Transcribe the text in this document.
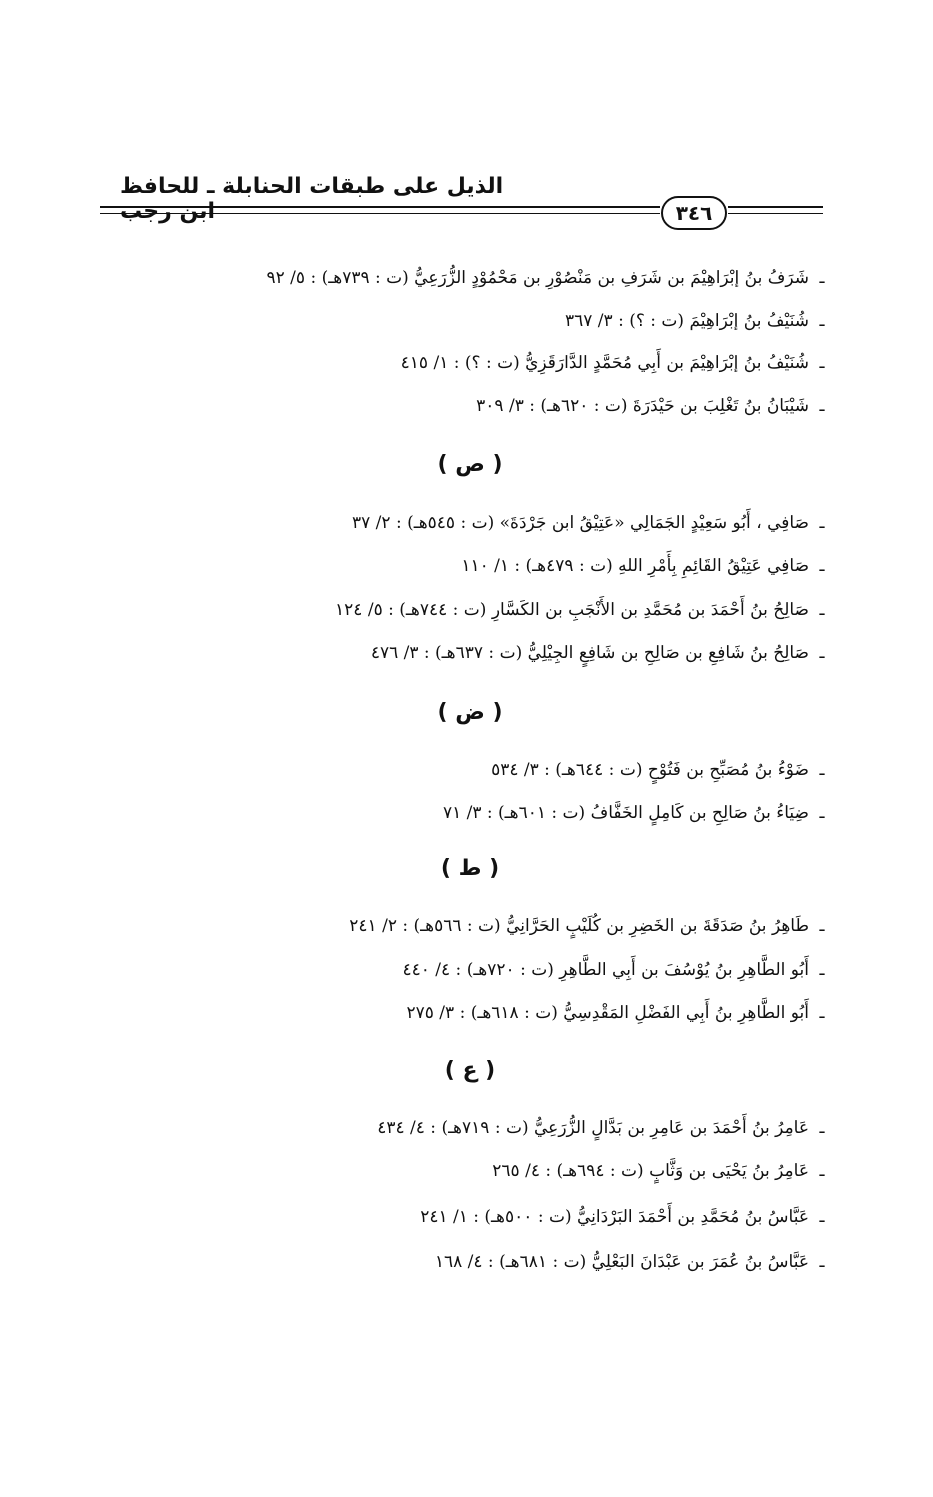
الذيل على طبقات الحنابلة ـ للحافظ ابن رجب	٣٤٦
ـشَرَفُ بنُ إبْرَاهِيْمَ بن شَرَفِ بن مَنْصُوْرِ بن مَحْمُوْدٍ الزُّرَعِيُّ (ت : ٧٣٩هـ) : ٥/ ٩٢
ـشُنَيْفُ بنُ إبْرَاهِيْمَ (ت : ؟) : ٣/ ٣٦٧
ـشُنَيْفُ بنُ إبْرَاهِيْمَ بن أَبِي مُحَمَّدٍ الدَّارَقَزِيُّ (ت : ؟) : ١/ ٤١٥
ـشَيْبَانُ بنُ تَغْلِبَ بن حَيْدَرَةَ (ت : ٦٢٠هـ) : ٣/ ٣٠٩
( ص )
ـصَافِي ، أَبُو سَعِيْدٍ الجَمَالِي «عَتِيْقُ ابن جَرْدَةَ» (ت : ٥٤٥هـ) : ٢/ ٣٧
ـصَافِي عَتِيْقُ القَائِمِ بِأَمْرِ اللهِ (ت : ٤٧٩هـ) : ١/ ١١٠
ـصَالِحُ بنُ أَحْمَدَ بن مُحَمَّدِ بن الأَنْجَبِ بن الكَسَّارِ (ت : ٧٤٤هـ) : ٥/ ١٢٤
ـصَالِحُ بنُ شَافِعِ بن صَالِحِ بن شَافِعٍ الجِيْلِيُّ (ت : ٦٣٧هـ) : ٣/ ٤٧٦
( ض )
ـضَوْءُ بنُ مُصَبِّحِ بن فَتُوْحٍ (ت : ٦٤٤هـ) : ٣/ ٥٣٤
ـضِيَاءُ بنُ صَالِحِ بن كَامِلٍ الخَفَّافُ (ت : ٦٠١هـ) : ٣/ ٧١
( ط )
ـطَاهِرُ بنُ صَدَقَةَ بن الخَضِرِ بن كُلَيْبٍ الحَرَّانِيُّ (ت : ٥٦٦هـ) : ٢/ ٢٤١
ـأَبُو الطَّاهِرِ بنُ يُوْسُفَ بن أَبِي الطَّاهِرِ (ت : ٧٢٠هـ) : ٤/ ٤٤٠
ـأَبُو الطَّاهِرِ بنُ أَبِي الفَضْلِ المَقْدِسِيُّ (ت : ٦١٨هـ) : ٣/ ٢٧٥
( ع )
ـعَامِرُ بنُ أَحْمَدَ بن عَامِرِ بن بَدَّالٍ الزُّرَعِيُّ (ت : ٧١٩هـ) : ٤/ ٤٣٤
ـعَامِرُ بنُ يَحْيَى بن وَثَّابٍ (ت : ٦٩٤هـ) : ٤/ ٢٦٥
ـعَبَّاسُ بنُ مُحَمَّدِ بن أَحْمَدَ البَرْدَانِيُّ (ت : ٥٠٠هـ) : ١/ ٢٤١
ـعَبَّاسُ بنُ عُمَرَ بن عَبْدَانَ البَعْلِيُّ (ت : ٦٨١هـ) : ٤/ ١٦٨
